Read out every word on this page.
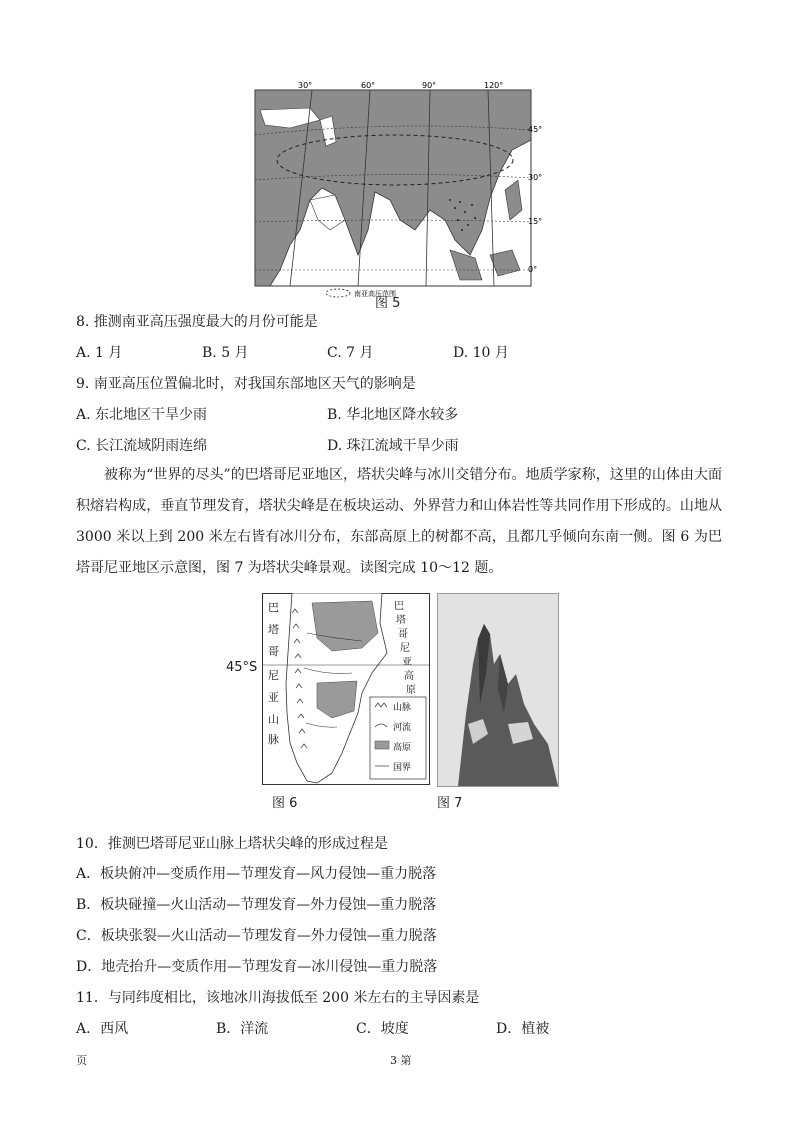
30°	60°	90°	120°
45°
30°
15°
0°
南亚高压范围
图 5
8. 推测南亚高压强度最大的月份可能是
A. 1 月	B. 5 月	C. 7 月	D. 10 月
9. 南亚高压位置偏北时，对我国东部地区天气的影响是
A. 东北地区干旱少雨	B. 华北地区降水较多
C. 长江流域阴雨连绵	D. 珠江流域干旱少雨
被称为“世界的尽头”的巴塔哥尼亚地区，塔状尖峰与冰川交错分布。地质学家称，这里的山体由大面积熔岩构成，垂直节理发育，塔状尖峰是在板块运动、外界营力和山体岩性等共同作用下形成的。山地从 3000 米以上到 200 米左右皆有冰川分布，东部高原上的树都不高，且都几乎倾向东南一侧。图 6 为巴塔哥尼亚地区示意图，图 7 为塔状尖峰景观。读图完成 10～12 题。
巴
塔
哥
尼
亚
山
脉
巴
塔
哥
尼
亚
高
原
山脉
河流
高原
国界
45°S
图 6	图 7
10．推测巴塔哥尼亚山脉上塔状尖峰的形成过程是
A．板块俯冲—变质作用—节理发育—风力侵蚀—重力脱落
B．板块碰撞—火山活动—节理发育—外力侵蚀—重力脱落
C．板块张裂—火山活动—节理发育—外力侵蚀—重力脱落
D．地壳抬升—变质作用—节理发育—冰川侵蚀—重力脱落
11．与同纬度相比，该地冰川海拔低至 200 米左右的主导因素是
A．西风	B．洋流	C．坡度	D．植被
页	3 第
